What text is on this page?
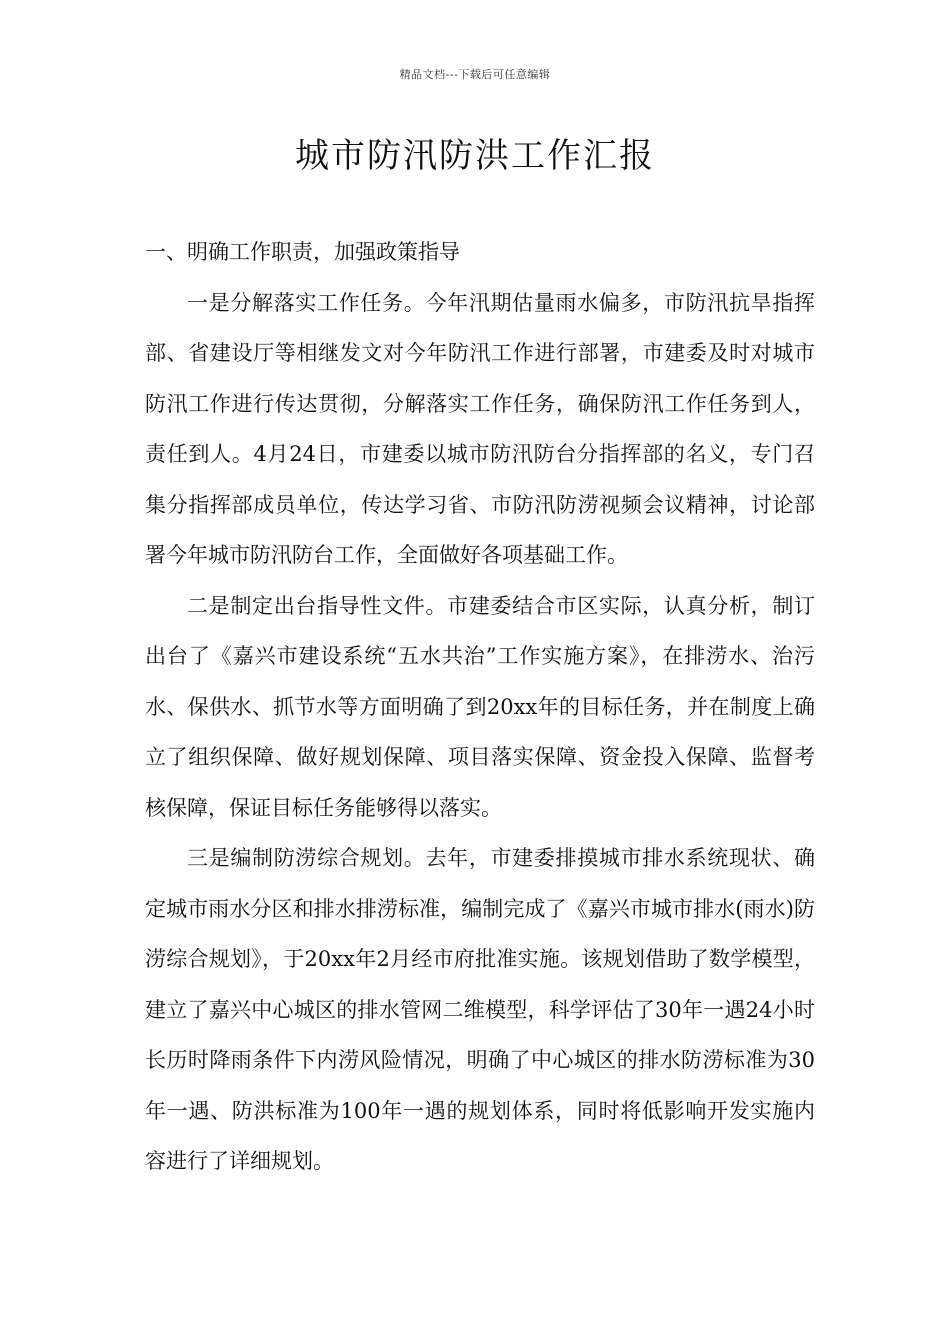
精品文档---下载后可任意编辑
城市防汛防洪工作汇报

一、明确工作职责，加强政策指导

一是分解落实工作任务。今年汛期估量雨水偏多，市防汛抗旱指挥部、省建设厅等相继发文对今年防汛工作进行部署，市建委及时对城市防汛工作进行传达贯彻，分解落实工作任务，确保防汛工作任务到人，责任到人。4月24日，市建委以城市防汛防台分指挥部的名义，专门召集分指挥部成员单位，传达学习省、市防汛防涝视频会议精神，讨论部署今年城市防汛防台工作，全面做好各项基础工作。

二是制定出台指导性文件。市建委结合市区实际，认真分析，制订出台了《嘉兴市建设系统“五水共治”工作实施方案》，在排涝水、治污水、保供水、抓节水等方面明确了到20xx年的目标任务，并在制度上确立了组织保障、做好规划保障、项目落实保障、资金投入保障、监督考核保障，保证目标任务能够得以落实。

三是编制防涝综合规划。去年，市建委排摸城市排水系统现状、确定城市雨水分区和排水排涝标准，编制完成了《嘉兴市城市排水(雨水)防涝综合规划》，于20xx年2月经市府批准实施。该规划借助了数学模型，建立了嘉兴中心城区的排水管网二维模型，科学评估了30年一遇24小时长历时降雨条件下内涝风险情况，明确了中心城区的排水防涝标准为30年一遇、防洪标准为100年一遇的规划体系，同时将低影响开发实施内容进行了详细规划。
